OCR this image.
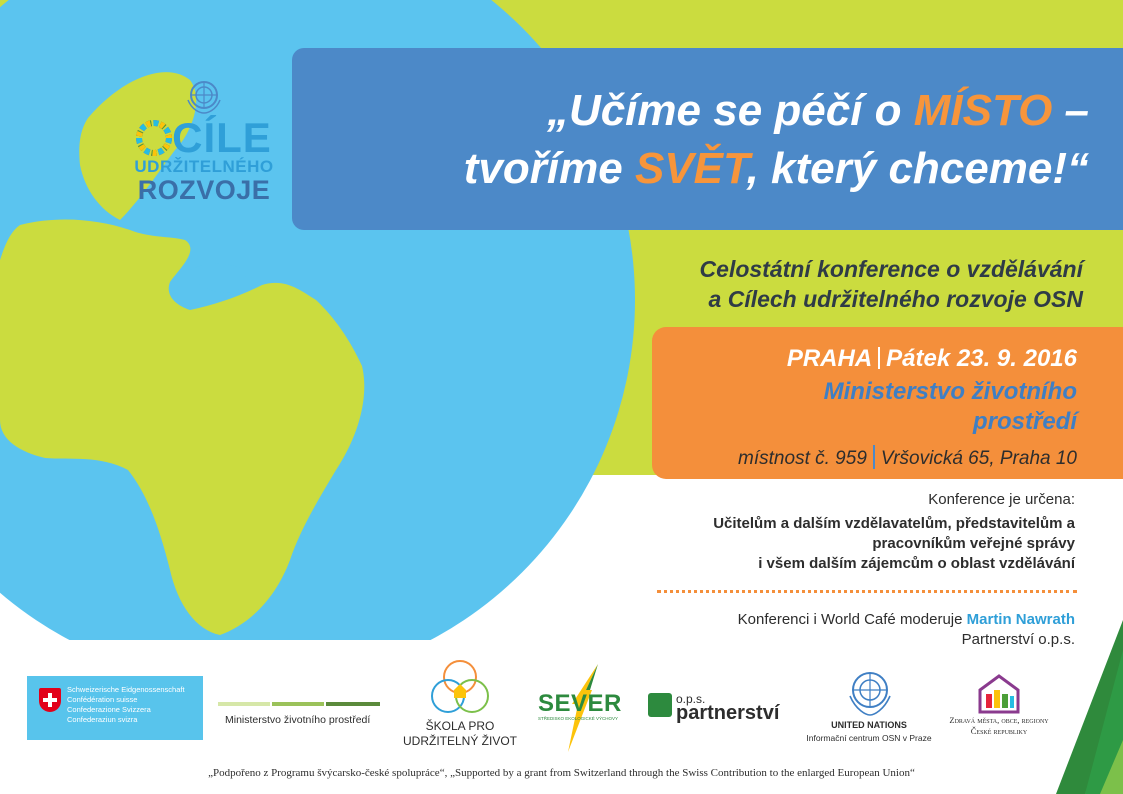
CÍLE
UDRŽITELNÉHO
ROZVOJE
„Učíme se péčí o MÍSTO –
tvoříme SVĚT, který chceme!“
Celostátní konference o vzdělávání
a Cílech udržitelného rozvoje OSN
PRAHA Pátek 23. 9. 2016
Ministerstvo životního
prostředí
místnost č. 959 Vršovická 65, Praha 10
Konference je určena:
Učitelům a dalším vzdělavatelům, představitelům a
pracovníkům veřejné správy
i všem dalším zájemcům o oblast vzdělávání
Konferenci i World Café moderuje Martin Nawrath
Partnerství o.p.s.
Schweizerische Eidgenossenschaft
Confédération suisse
Confederazione Svizzera
Confederaziun svizra	Ministerstvo životního prostředí	ŠKOLA PRO
UDRŽITELNÝ ŽIVOT
SEVER
STŘEDISKO EKOLOGICKÉ VÝCHOVY
o.p.s.
partnerství
UNITED NATIONS
Informační centrum OSN v Praze
Zdravá města, obce, regiony
České republiky
„Podpořeno z Programu švýcarsko-české spolupráce“, „Supported by a grant from Switzerland through the Swiss Contribution to the enlarged European Union“
